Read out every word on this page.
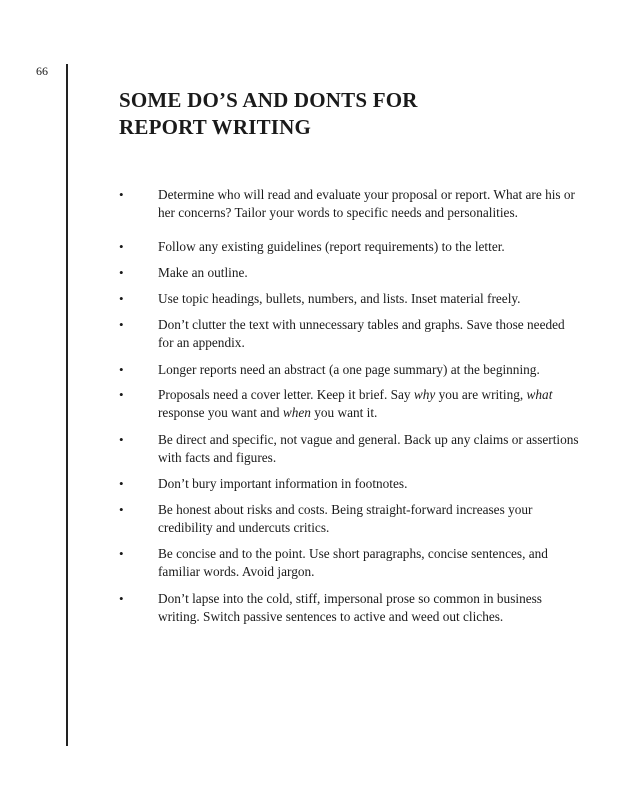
66
SOME DO’S AND DONTS FOR
REPORT WRITING
•	Determine who will read and evaluate your proposal or report. What are his or her concerns? Tailor your words to specific needs and personalities.
•	Follow any existing guidelines (report requirements) to the letter.
•	Make an outline.
•	Use topic headings, bullets, numbers, and lists. Inset material freely.
•	Don’t clutter the text with unnecessary tables and graphs. Save those needed for an appendix.
•	Longer reports need an abstract (a one page summary) at the beginning.
•	Proposals need a cover letter. Keep it brief. Say why you are writing, what response you want and when you want it.
•	Be direct and specific, not vague and general. Back up any claims or assertions with facts and figures.
•	Don’t bury important information in footnotes.
•	Be honest about risks and costs. Being straight-forward increases your credibility and undercuts critics.
•	Be concise and to the point. Use short paragraphs, concise sentences, and familiar words. Avoid jargon.
•	Don’t lapse into the cold, stiff, impersonal prose so common in business writing. Switch passive sentences to active and weed out cliches.
